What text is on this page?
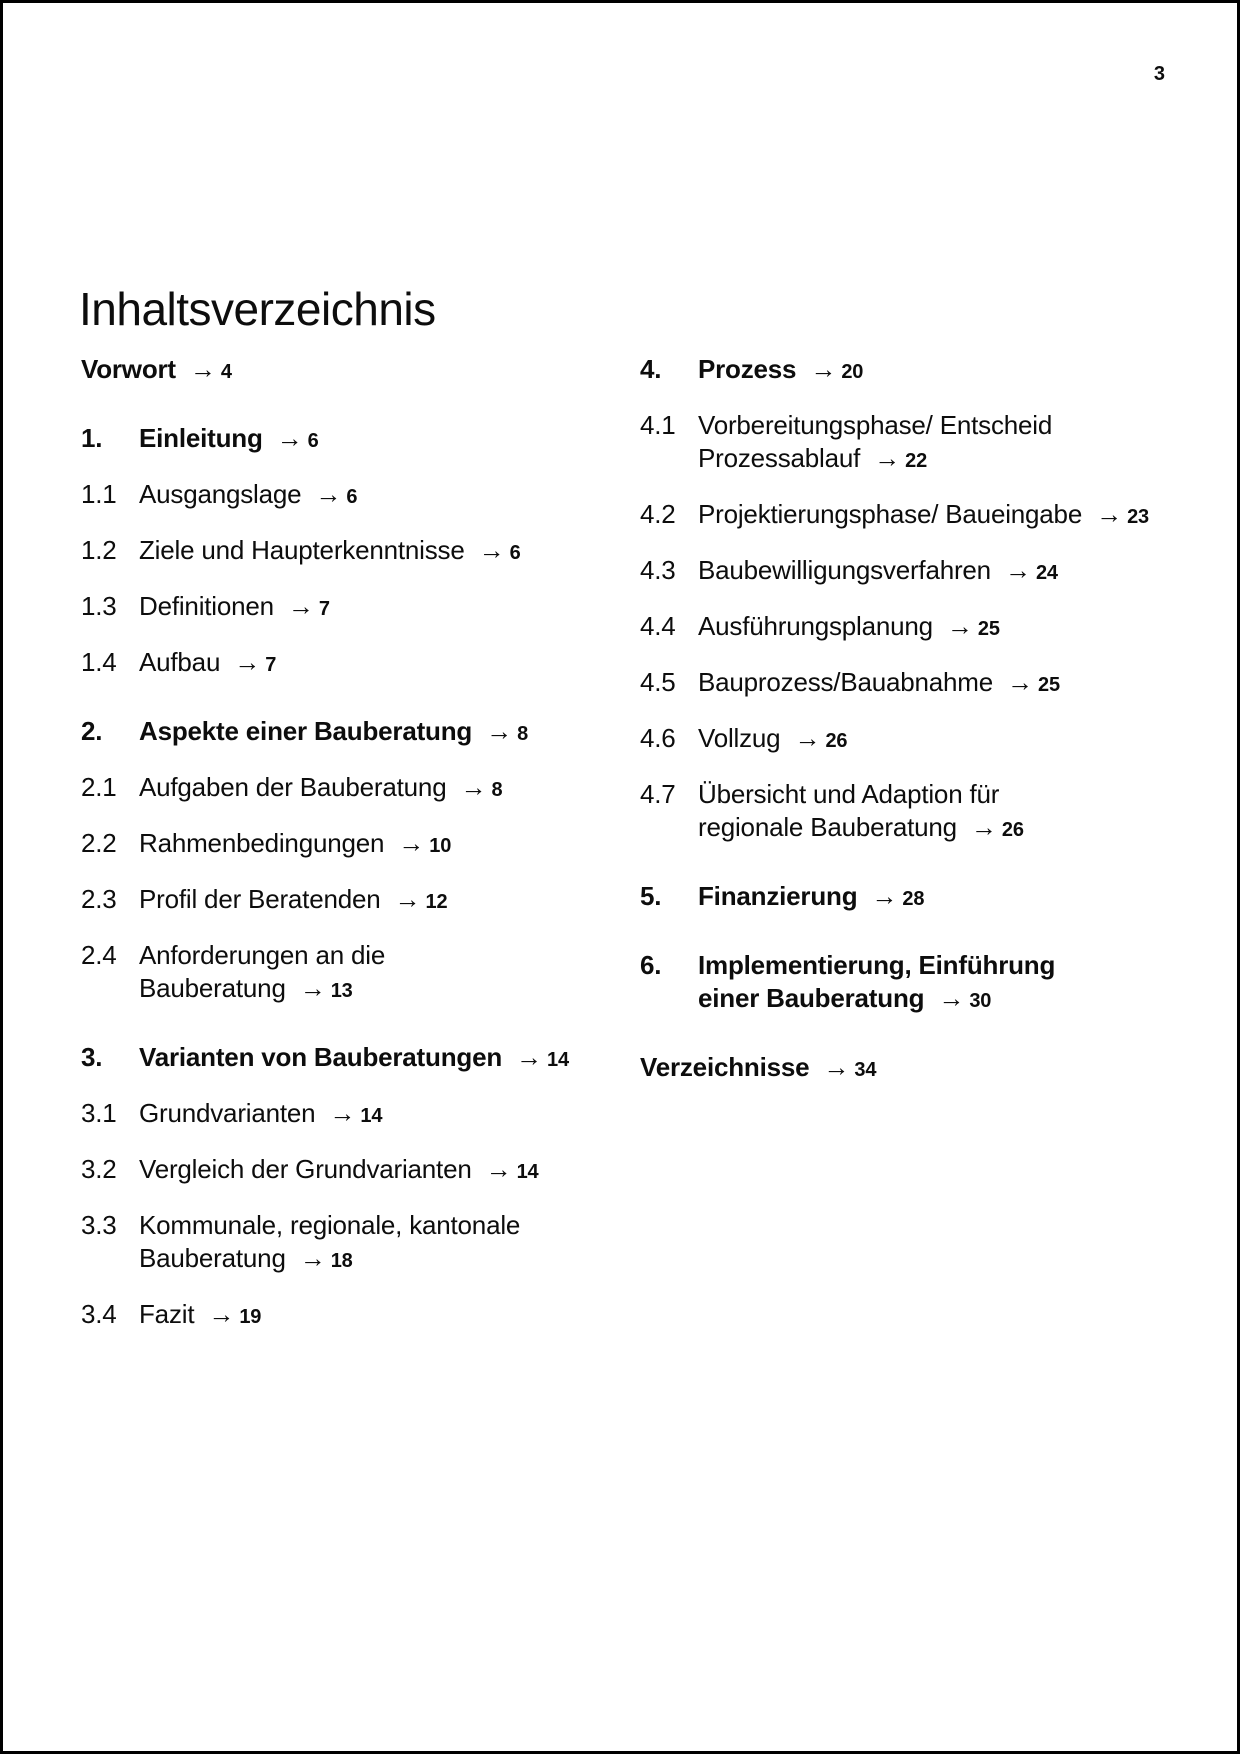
3
Inhaltsverzeichnis
Vorwort → 4
1.	Einleitung → 6
1.1 Ausgangslage → 6
1.2 Ziele und Haupterkenntnisse → 6
1.3 Definitionen → 7
1.4 Aufbau → 7
2.	Aspekte einer Bauberatung → 8
2.1 Aufgaben der Bauberatung → 8
2.2 Rahmenbedingungen → 10
2.3 Profil der Beratenden → 12
2.4 Anforderungen an die Bauberatung → 13
3.	Varianten von Bauberatungen → 14
3.1 Grundvarianten → 14
3.2 Vergleich der Grundvarianten → 14
3.3 Kommunale, regionale, kantonale
Bauberatung → 18
3.4 Fazit → 19
4.	Prozess → 20
4.1 Vorbereitungsphase/ Entscheid
Prozessablauf → 22
4.2 Projektierungsphase/ Baueingabe → 23
4.3 Baubewilligungsverfahren → 24
4.4 Ausführungsplanung → 25
4.5 Bauprozess/Bauabnahme → 25
4.6 Vollzug → 26
4.7 Übersicht und Adaption für
regionale Bauberatung → 26
5.	Finanzierung → 28
6.	Implementierung, Einführung
einer Bauberatung → 30
Verzeichnisse → 34
